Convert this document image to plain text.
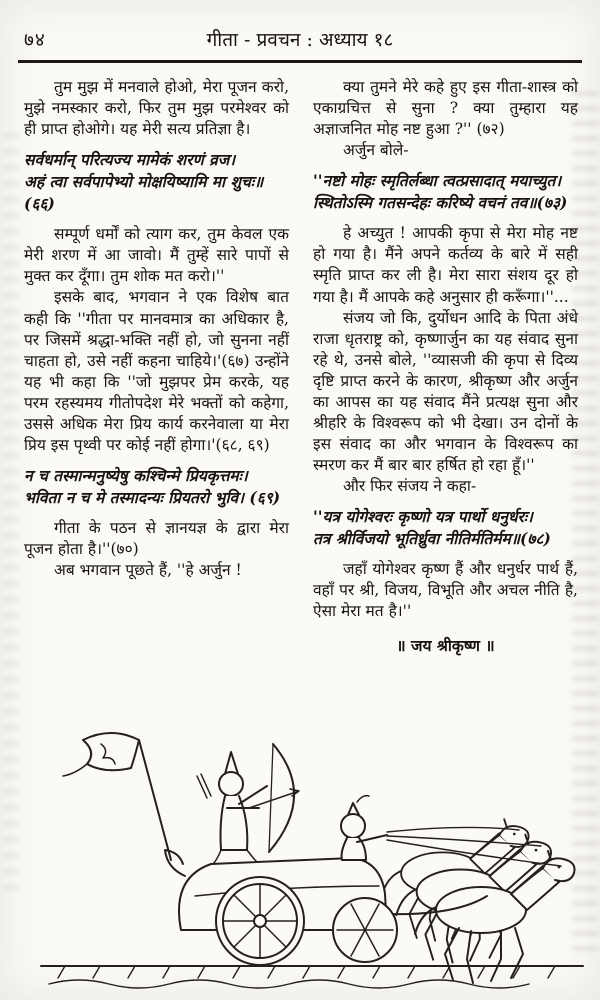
७४	गीता - प्रवचन : अध्याय १८

तुम मुझ में मनवाले होओ, मेरा पूजन करो, मुझे नमस्कार करो, फिर तुम मुझ परमेश्वर को ही प्राप्त होओगे। यह मेरी सत्य प्रतिज्ञा है।

सर्वधर्मान् परित्यज्य मामेकं शरणं व्रज।
अहं त्वा सर्वपापेभ्यो मोक्षयिष्यामि मा शुचः॥ (६६)

सम्पूर्ण धर्मों को त्याग कर, तुम केवल एक मेरी शरण में आ जावो। मैं तुम्हें सारे पापों से मुक्त कर दूँगा। तुम शोक मत करो।''

इसके बाद, भगवान ने एक विशेष बात कही कि ''गीता पर मानवमात्र का अधिकार है, पर जिसमें श्रद्धा-भक्ति नहीं हो, जो सुनना नहीं चाहता हो, उसे नहीं कहना चाहिये।'(६७) उन्होंने यह भी कहा कि ''जो मुझपर प्रेम करके, यह परम रहस्यमय गीतोपदेश मेरे भक्तों को कहेगा, उससे अधिक मेरा प्रिय कार्य करनेवाला या मेरा प्रिय इस पृथ्वी पर कोई नहीं होगा।'(६८, ६९)

न च तस्मान्मनुष्येषु कश्चिन्मे प्रियकृत्तमः।
भविता न च मे तस्मादन्यः प्रियतरो भुवि। (६९)

गीता के पठन से ज्ञानयज्ञ के द्वारा मेरा पूजन होता है।''(७०)

अब भगवान पूछते हैं, ''हे अर्जुन !

क्या तुमने मेरे कहे हुए इस गीता-शास्त्र को एकाग्रचित्त से सुना ? क्या तुम्हारा यह अज्ञाजनित मोह नष्ट हुआ ?'' (७२)

अर्जुन बोले-

''नष्टो मोहः स्मृतिर्लब्धा त्वत्प्रसादात् मयाच्युत।
स्थितोऽस्मि गतसन्देहः करिष्ये वचनं तव॥(७३)

हे अच्युत ! आपकी कृपा से मेरा मोह नष्ट हो गया है। मैंने अपने कर्तव्य के बारे में सही स्मृति प्राप्त कर ली है। मेरा सारा संशय दूर हो गया है। मैं आपके कहे अनुसार ही करूँगा।''...

संजय जो कि, दुर्योधन आदि के पिता अंधे राजा धृतराष्ट्र को, कृष्णार्जुन का यह संवाद सुना रहे थे, उनसे बोले, ''व्यासजी की कृपा से दिव्य दृष्टि प्राप्त करने के कारण, श्रीकृष्ण और अर्जुन का आपस का यह संवाद मैंने प्रत्यक्ष सुना और श्रीहरि के विश्वरूप को भी देखा। उन दोनों के इस संवाद का और भगवान के विश्वरूप का स्मरण कर मैं बार बार हर्षित हो रहा हूँ।''

और फिर संजय ने कहा-

''यत्र योगेश्वरः कृष्णो यत्र पार्थो धनुर्धरः।
तत्र श्रीर्विजयो भूतिर्ध्रुवा नीतिर्मतिर्मम॥(७८)

जहाँ योगेश्वर कृष्ण हैं और धनुर्धर पार्थ हैं, वहाँ पर श्री, विजय, विभूति और अचल नीति है, ऐसा मेरा मत है।''

॥ जय श्रीकृष्ण ॥
